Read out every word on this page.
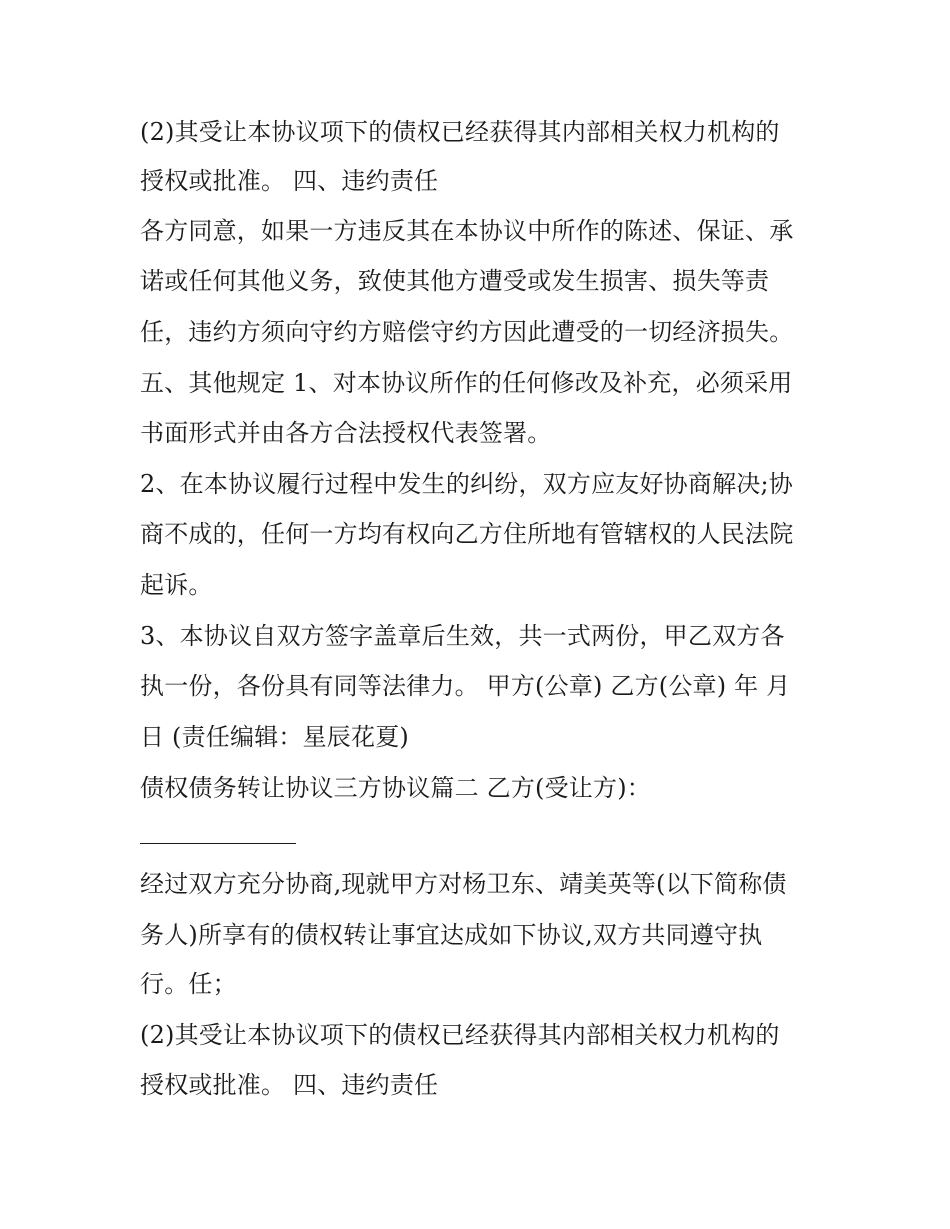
(2)其受让本协议项下的债权已经获得其内部相关权力机构的

授权或批准。 四、违约责任

各方同意，如果一方违反其在本协议中所作的陈述、保证、承

诺或任何其他义务，致使其他方遭受或发生损害、损失等责

任，违约方须向守约方赔偿守约方因此遭受的一切经济损失。

五、其他规定 1、对本协议所作的任何修改及补充，必须采用

书面形式并由各方合法授权代表签署。

2、在本协议履行过程中发生的纠纷，双方应友好协商解决;协

商不成的，任何一方均有权向乙方住所地有管辖权的人民法院

起诉。

3、本协议自双方签字盖章后生效，共一式两份，甲乙双方各

执一份，各份具有同等法律力。 甲方(公章) 乙方(公章) 年 月

日 (责任编辑：星辰花夏)

债权债务转让协议三方协议篇二 乙方(受让方)：

经过双方充分协商,现就甲方对杨卫东、靖美英等(以下简称债

务人)所享有的债权转让事宜达成如下协议,双方共同遵守执

行。任；

(2)其受让本协议项下的债权已经获得其内部相关权力机构的

授权或批准。 四、违约责任
